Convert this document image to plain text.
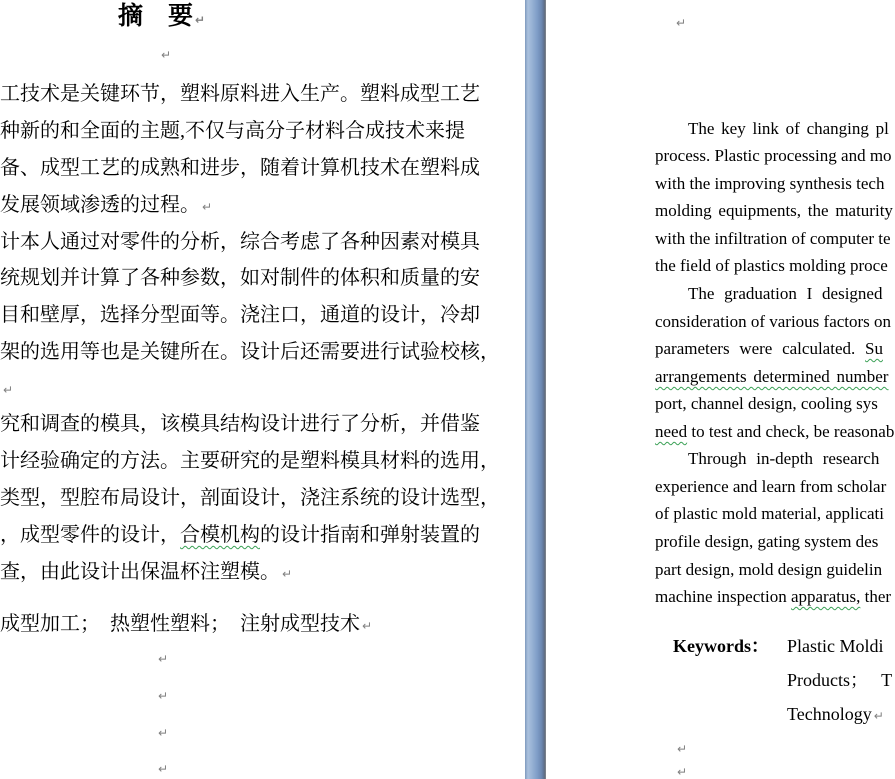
摘　要 ↵
↵
工技术是关键环节，塑料原料进入生产。塑料成型工艺
种新的和全面的主题,不仅与高分子材料合成技术来提
备、成型工艺的成熟和进步，随着计算机技术在塑料成
发展领域渗透的过程。 ↵
计本人通过对零件的分析，综合考虑了各种因素对模具
统规划并计算了各种参数，如对制件的体积和质量的安
目和壁厚，选择分型面等。浇注口，通道的设计，冷却
架的选用等也是关键所在。设计后还需要进行试验校核，
↵
究和调查的模具，该模具结构设计进行了分析，并借鉴
计经验确定的方法。主要研究的是塑料模具材料的选用，
类型，型腔布局设计，剖面设计，浇注系统的设计选型，
，成型零件的设计，合模机构的设计指南和弹射装置的
查，由此设计出保温杯注塑模。 ↵
成型加工；　热塑性塑料；　注射成型技术 ↵
↵
↵
↵
↵
↵
The key link of changing pl
process. Plastic processing and mo
with the improving synthesis tech
molding equipments, the maturity
with the infiltration of computer te
the field of plastics molding proce
The graduation I designed
consideration of various factors on
parameters were calculated. Su
arrangements determined number
port, channel design, cooling sys
need to test and check, be reasonab
Through in-depth research
experience and learn from scholar
of plastic mold material, applicati
profile design, gating system des
part design, mold design guidelin
machine inspection apparatus, ther
Keywords： Plastic Moldi
Products；   T
Technology ↵
↵
↵
